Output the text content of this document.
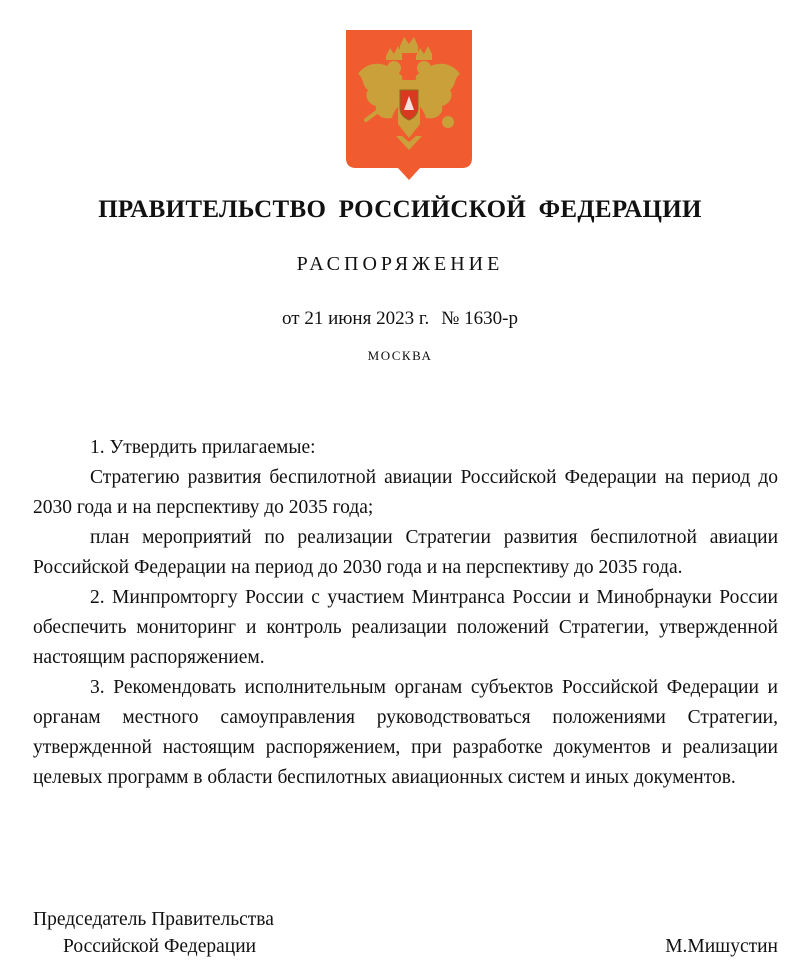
ПРАВИТЕЛЬСТВО РОССИЙСКОЙ ФЕДЕРАЦИИ
РАСПОРЯЖЕНИЕ
от 21 июня 2023 г. № 1630-р
МОСКВА

1. Утвердить прилагаемые:

Стратегию развития беспилотной авиации Российской Федерации на период до 2030 года и на перспективу до 2035 года;

план мероприятий по реализации Стратегии развития беспилотной авиации Российской Федерации на период до 2030 года и на перспективу до 2035 года.

2. Минпромторгу России с участием Минтранса России и Минобрнауки России обеспечить мониторинг и контроль реализации положений Стратегии, утвержденной настоящим распоряжением.

3. Рекомендовать исполнительным органам субъектов Российской Федерации и органам местного самоуправления руководствоваться положениями Стратегии, утвержденной настоящим распоряжением, при разработке документов и реализации целевых программ в области беспилотных авиационных систем и иных документов.

Председатель Правительства
Российской Федерации	М.Мишустин
